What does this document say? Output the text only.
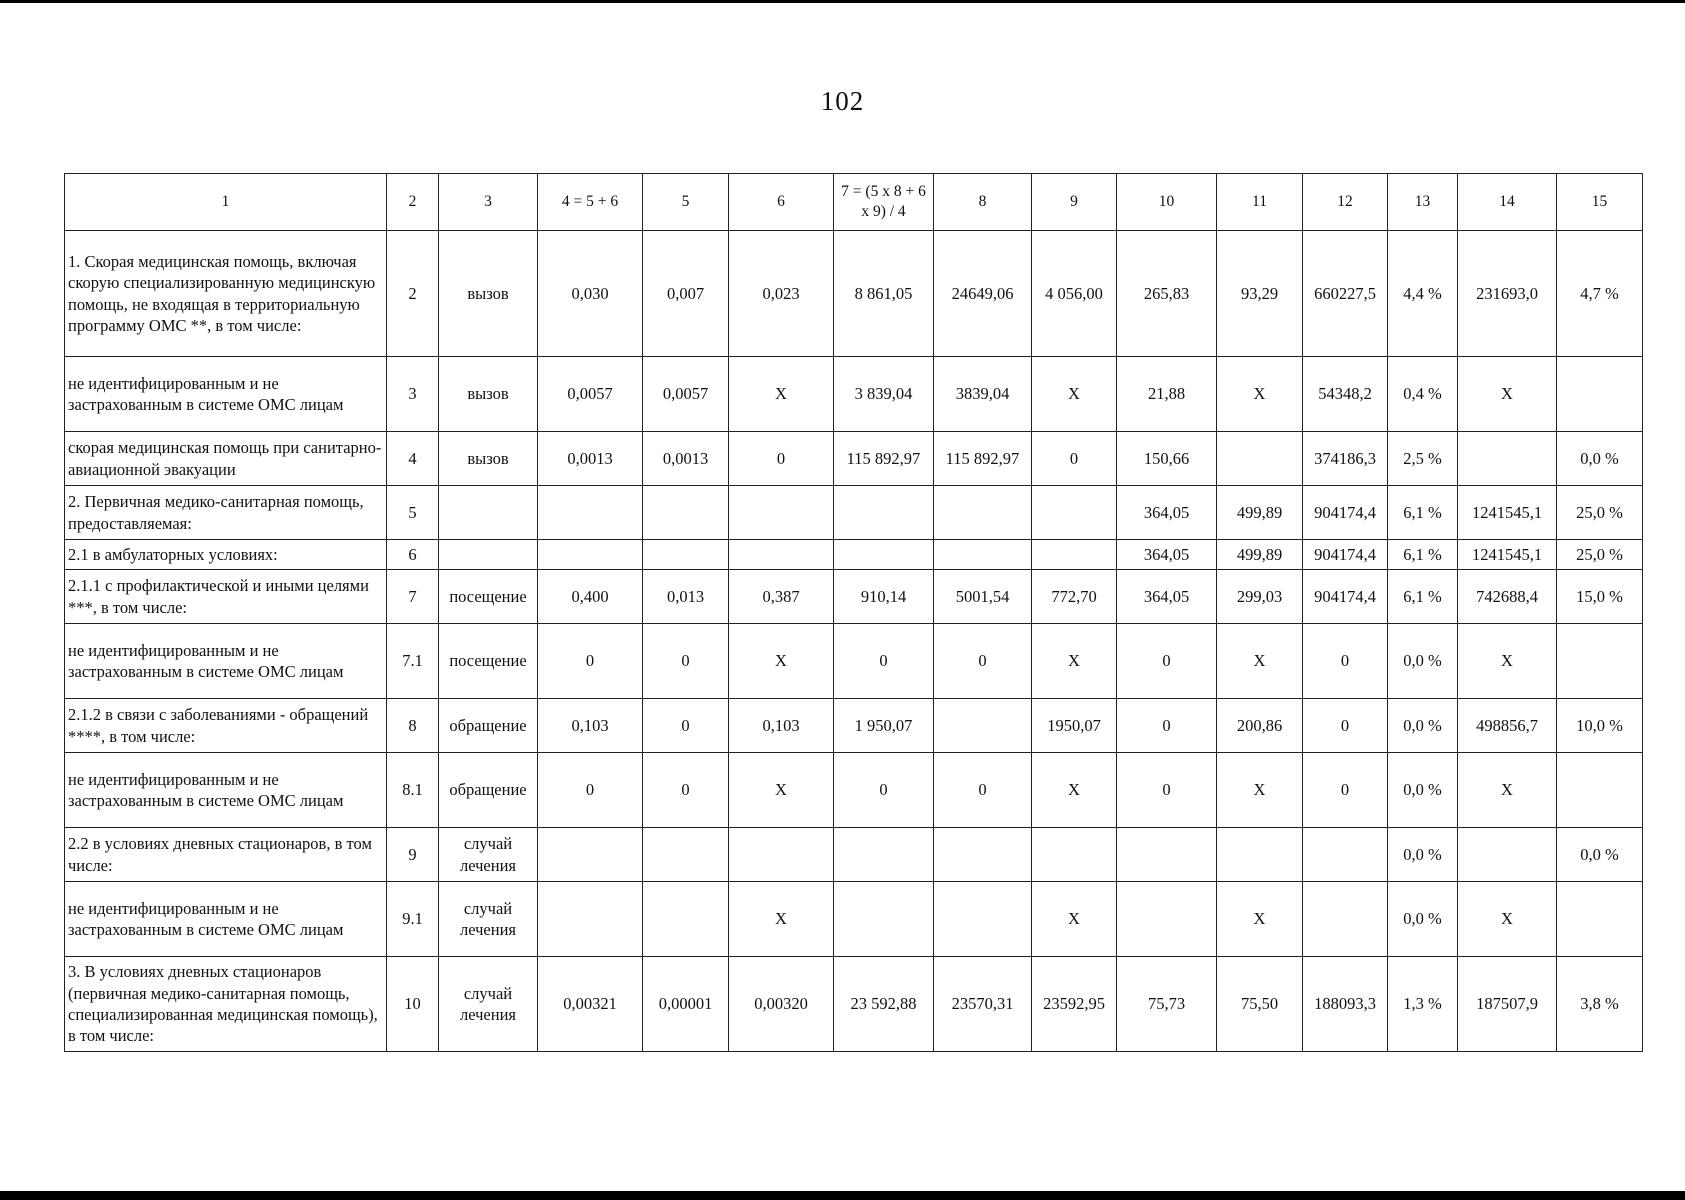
102
1	2	3	4 = 5 + 6	5	6	7 = (5 х 8 + 6 х 9) / 4	8	9	10	11	12	13	14	15
1. Скорая медицинская помощь, включая скорую специализированную медицинскую помощь, не входящая в территориальную программу ОМС **, в том числе:	2	вызов	0,030	0,007	0,023	8 861,05	24649,06	4 056,00	265,83	93,29	660227,5	4,4 %	231693,0	4,7 %
не идентифицированным и не застрахованным в системе ОМС лицам	3	вызов	0,0057	0,0057	Х	3 839,04	3839,04	Х	21,88	Х	54348,2	0,4 %	Х	
скорая медицинская помощь при санитарно-авиационной эвакуации	4	вызов	0,0013	0,0013	0	115 892,97	115 892,97	0	150,66		374186,3	2,5 %		0,0 %
2. Первичная медико-санитарная помощь, предоставляемая:	5								364,05	499,89	904174,4	6,1 %	1241545,1	25,0 %
2.1 в амбулаторных условиях:	6								364,05	499,89	904174,4	6,1 %	1241545,1	25,0 %
2.1.1 с профилактической и иными целями ***, в том числе:	7	посещение	0,400	0,013	0,387	910,14	5001,54	772,70	364,05	299,03	904174,4	6,1 %	742688,4	15,0 %
не идентифицированным и не застрахованным в системе ОМС лицам	7.1	посещение	0	0	Х	0	0	Х	0	Х	0	0,0 %	Х	
2.1.2 в связи с заболеваниями - обращений ****, в том числе:	8	обращение	0,103	0	0,103	1 950,07		1950,07	0	200,86	0	0,0 %	498856,7	10,0 %
не идентифицированным и не застрахованным в системе ОМС лицам	8.1	обращение	0	0	Х	0	0	Х	0	Х	0	0,0 %	Х	
2.2 в условиях дневных стационаров, в том числе:	9	случай лечения										0,0 %		0,0 %
не идентифицированным и не застрахованным в системе ОМС лицам	9.1	случай лечения			Х			Х		Х		0,0 %	Х	
3. В условиях дневных стационаров (первичная медико-санитарная помощь, специализированная медицинская помощь), в том числе:	10	случай лечения	0,00321	0,00001	0,00320	23 592,88	23570,31	23592,95	75,73	75,50	188093,3	1,3 %	187507,9	3,8 %
